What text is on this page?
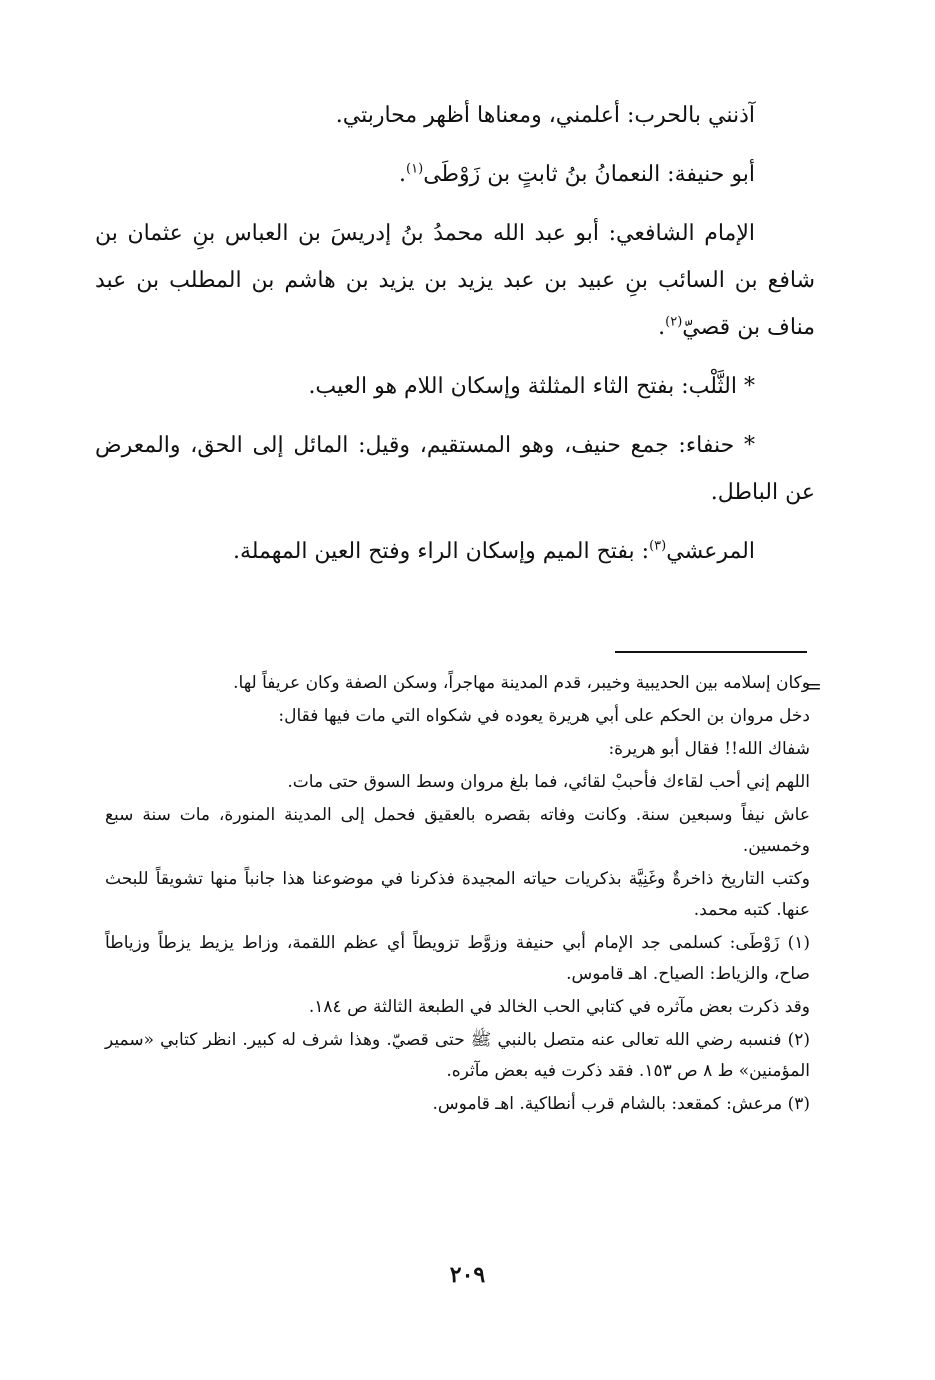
آذنني بالحرب: أعلمني، ومعناها أظهر محاربتي.

أبو حنيفة: النعمانُ بنُ ثابتٍ بن زَوْطَى$^{(١)}$.

الإمام الشافعي: أبو عبد الله محمدُ بنُ إدريسَ بن العباس بنِ عثمان بن شافع بن السائب بنِ عبيد بن عبد يزيد بن يزيد بن هاشم بن المطلب بن عبد مناف بن قصيّ$^{(٢)}$.

* الثَّلْب: بفتح الثاء المثلثة وإسكان اللام هو العيب.

* حنفاء: جمع حنيف، وهو المستقيم، وقيل: المائل إلى الحق، والمعرض عن الباطل.

المرعشي$^{(٣)}$: بفتح الميم وإسكان الراء وفتح العين المهملة.

=
وكان إسلامه بين الحديبية وخيبر، قدم المدينة مهاجراً، وسكن الصفة وكان عريفاً لها.
دخل مروان بن الحكم على أبي هريرة يعوده في شكواه التي مات فيها فقال:
شفاك الله!! فقال أبو هريرة:
اللهم إني أحب لقاءك فأحببْ لقائي، فما بلغ مروان وسط السوق حتى مات.
عاش نيفاً وسبعين سنة. وكانت وفاته بقصره بالعقيق فحمل إلى المدينة المنورة، مات سنة سبع وخمسين.
وكتب التاريخ ذاخرةٌ وغَنِيَّة بذكريات حياته المجيدة فذكرنا في موضوعنا هذا جانباً منها تشويقاً للبحث عنها. كتبه محمد.
(١) زَوْطَى: كسلمى جد الإمام أبي حنيفة وزوَّط تزويطاً أي عظم اللقمة، وزاط يزيط يزطاً وزياطاً صاح، والزياط: الصياح. اهـ قاموس.
وقد ذكرت بعض مآثره في كتابي الحب الخالد في الطبعة الثالثة ص ١٨٤.
(٢) فنسبه رضي الله تعالى عنه متصل بالنبي ﷺ حتى قصيّ. وهذا شرف له كبير. انظر كتابي «سمير المؤمنين» ط ٨ ص ١٥٣. فقد ذكرت فيه بعض مآثره.
(٣) مرعش: كمقعد: بالشام قرب أنطاكية. اهـ قاموس.
٢٠٩
